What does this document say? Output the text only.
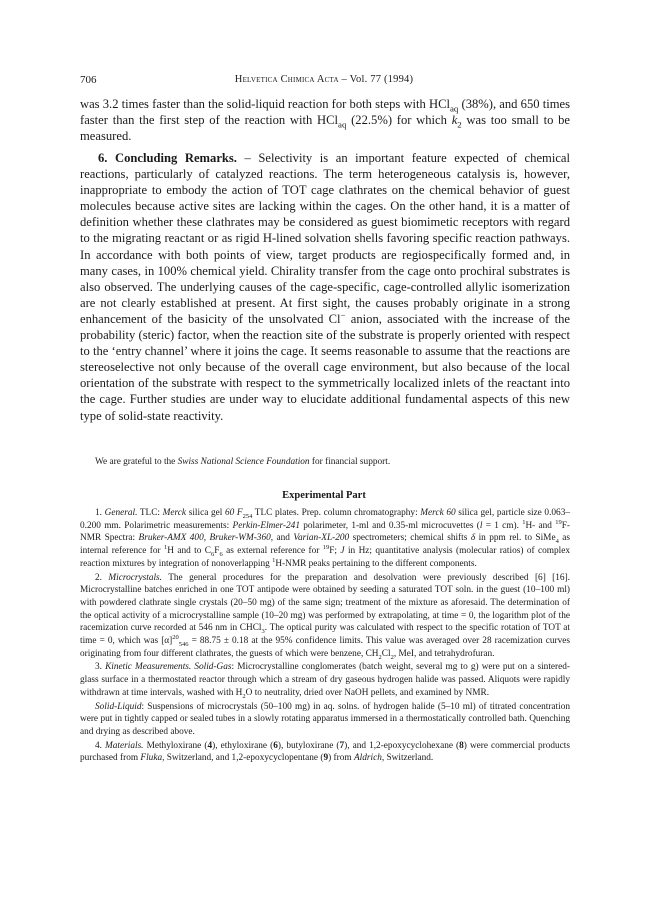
706	Helvetica Chimica Acta – Vol. 77 (1994)
was 3.2 times faster than the solid-liquid reaction for both steps with HCl$_{aq}$ (38%), and 650 times faster than the first step of the reaction with HCl$_{aq}$ (22.5%) for which $k_2$ was too small to be measured.
6. Concluding Remarks. – Selectivity is an important feature expected of chemical reactions, particularly of catalyzed reactions. The term heterogeneous catalysis is, however, inappropriate to embody the action of TOT cage clathrates on the chemical behavior of guest molecules because active sites are lacking within the cages. On the other hand, it is a matter of definition whether these clathrates may be considered as guest biomimetic receptors with regard to the migrating reactant or as rigid H-lined solvation shells favoring specific reaction pathways. In accordance with both points of view, target products are regiospecifically formed and, in many cases, in 100% chemical yield. Chirality transfer from the cage onto prochiral substrates is also observed. The underlying causes of the cage-specific, cage-controlled allylic isomerization are not clearly established at present. At first sight, the causes probably originate in a strong enhancement of the basicity of the unsolvated Cl− anion, associated with the increase of the probability (steric) factor, when the reaction site of the substrate is properly oriented with respect to the ‘entry channel’ where it joins the cage. It seems reasonable to assume that the reactions are stereoselective not only because of the overall cage environment, but also because of the local orientation of the substrate with respect to the symmetrically localized inlets of the reactant into the cage. Further studies are under way to elucidate additional fundamental aspects of this new type of solid-state reactivity.

We are grateful to the Swiss National Science Foundation for financial support.

Experimental Part

1. General. TLC: Merck silica gel 60 $F_{254}$ TLC plates. Prep. column chromatography: Merck 60 silica gel, particle size 0.063–0.200 mm. Polarimetric measurements: Perkin-Elmer-241 polarimeter, 1-ml and 0.35-ml microcuvettes (l = 1 cm). $^1$H- and $^{19}$F-NMR Spectra: Bruker-AMX 400, Bruker-WM-360, and Varian-XL-200 spectrometers; chemical shifts δ in ppm rel. to SiMe$_4$ as internal reference for $^1$H and to $C_6F_6$ as external reference for $^{19}$F; J in Hz; quantitative analysis (molecular ratios) of complex reaction mixtures by integration of nonoverlapping $^1$H-NMR peaks pertaining to the different components.

2. Microcrystals. The general procedures for the preparation and desolvation were previously described [6] [16]. Microcrystalline batches enriched in one TOT antipode were obtained by seeding a saturated TOT soln. in the guest (10–100 ml) with powdered clathrate single crystals (20–50 mg) of the same sign; treatment of the mixture as aforesaid. The determination of the optical activity of a microcrystalline sample (10–20 mg) was performed by extrapolating, at time = 0, the logarithm plot of the racemization curve recorded at 546 nm in CHCl$_3$. The optical purity was calculated with respect to the specific rotation of TOT at time = 0, which was $[\alpha]^{20}_{546} = 88.75 \pm 0.18$ at the 95% confidence limits. This value was averaged over 28 racemization curves originating from four different clathrates, the guests of which were benzene, $CH_2Cl_2$, MeI, and tetrahydrofuran.

3. Kinetic Measurements. Solid-Gas: Microcrystalline conglomerates (batch weight, several mg to g) were put on a sintered-glass surface in a thermostated reactor through which a stream of dry gaseous hydrogen halide was passed. Aliquots were rapidly withdrawn at time intervals, washed with $H_2O$ to neutrality, dried over NaOH pellets, and examined by NMR.

Solid-Liquid: Suspensions of microcrystals (50–100 mg) in aq. solns. of hydrogen halide (5–10 ml) of titrated concentration were put in tightly capped or sealed tubes in a slowly rotating apparatus immersed in a thermostatically controlled bath. Quenching and drying as described above.

4. Materials. Methyloxirane (4), ethyloxirane (6), butyloxirane (7), and 1,2-epoxycyclohexane (8) were commercial products purchased from Fluka, Switzerland, and 1,2-epoxycyclopentane (9) from Aldrich, Switzerland.
